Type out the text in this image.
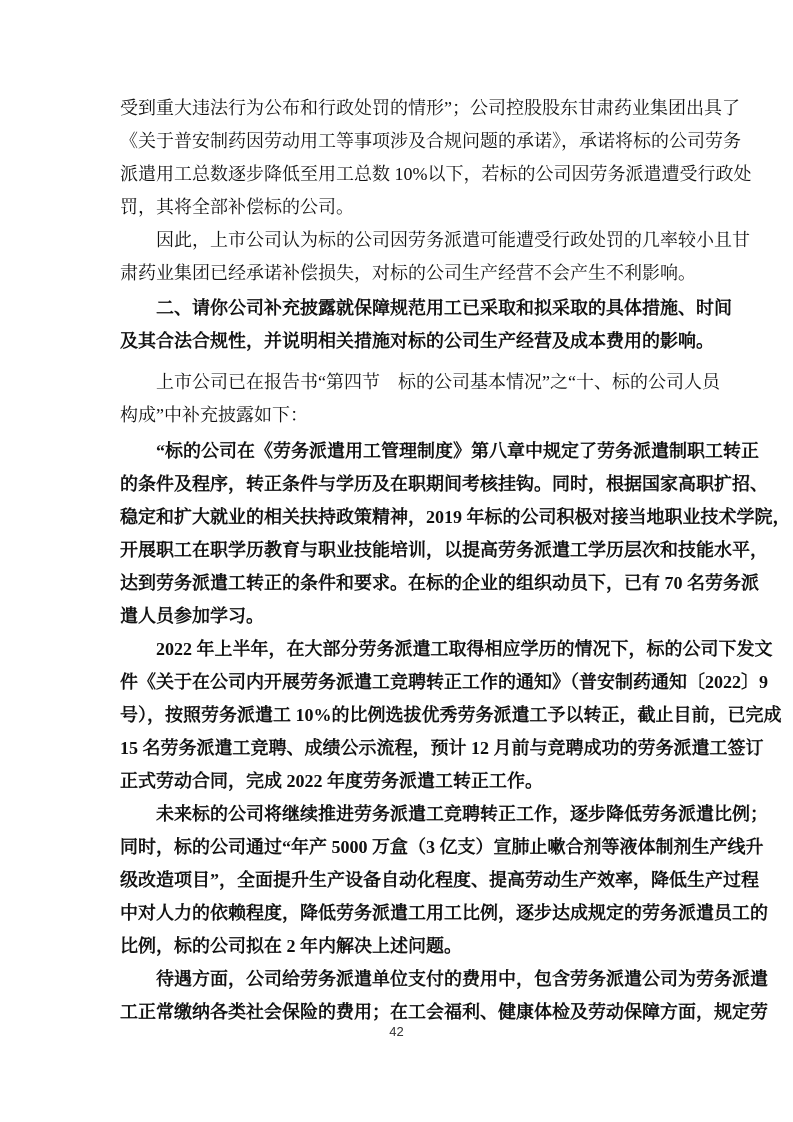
受到重大违法行为公布和行政处罚的情形”；公司控股股东甘肃药业集团出具了
《关于普安制药因劳动用工等事项涉及合规问题的承诺》，承诺将标的公司劳务
派遣用工总数逐步降低至用工总数 10%以下，若标的公司因劳务派遣遭受行政处
罚，其将全部补偿标的公司。
因此，上市公司认为标的公司因劳务派遣可能遭受行政处罚的几率较小且甘
肃药业集团已经承诺补偿损失，对标的公司生产经营不会产生不利影响。
二、请你公司补充披露就保障规范用工已采取和拟采取的具体措施、时间
及其合法合规性，并说明相关措施对标的公司生产经营及成本费用的影响。
上市公司已在报告书“第四节　标的公司基本情况”之“十、标的公司人员
构成”中补充披露如下：
“标的公司在《劳务派遣用工管理制度》第八章中规定了劳务派遣制职工转正
的条件及程序，转正条件与学历及在职期间考核挂钩。同时，根据国家高职扩招、
稳定和扩大就业的相关扶持政策精神，2019 年标的公司积极对接当地职业技术学院，
开展职工在职学历教育与职业技能培训，以提高劳务派遣工学历层次和技能水平，
达到劳务派遣工转正的条件和要求。在标的企业的组织动员下，已有 70 名劳务派
遣人员参加学习。
2022 年上半年，在大部分劳务派遣工取得相应学历的情况下，标的公司下发文
件《关于在公司内开展劳务派遣工竞聘转正工作的通知》（普安制药通知〔2022〕9
号），按照劳务派遣工 10%的比例选拔优秀劳务派遣工予以转正，截止目前，已完成
15 名劳务派遣工竞聘、成绩公示流程，预计 12 月前与竞聘成功的劳务派遣工签订
正式劳动合同，完成 2022 年度劳务派遣工转正工作。
未来标的公司将继续推进劳务派遣工竞聘转正工作，逐步降低劳务派遣比例；
同时，标的公司通过“年产 5000 万盒（3 亿支）宣肺止嗽合剂等液体制剂生产线升
级改造项目”，全面提升生产设备自动化程度、提高劳动生产效率，降低生产过程
中对人力的依赖程度，降低劳务派遣工用工比例，逐步达成规定的劳务派遣员工的
比例，标的公司拟在 2 年内解决上述问题。
待遇方面，公司给劳务派遣单位支付的费用中，包含劳务派遣公司为劳务派遣
工正常缴纳各类社会保险的费用；在工会福利、健康体检及劳动保障方面，规定劳
42
